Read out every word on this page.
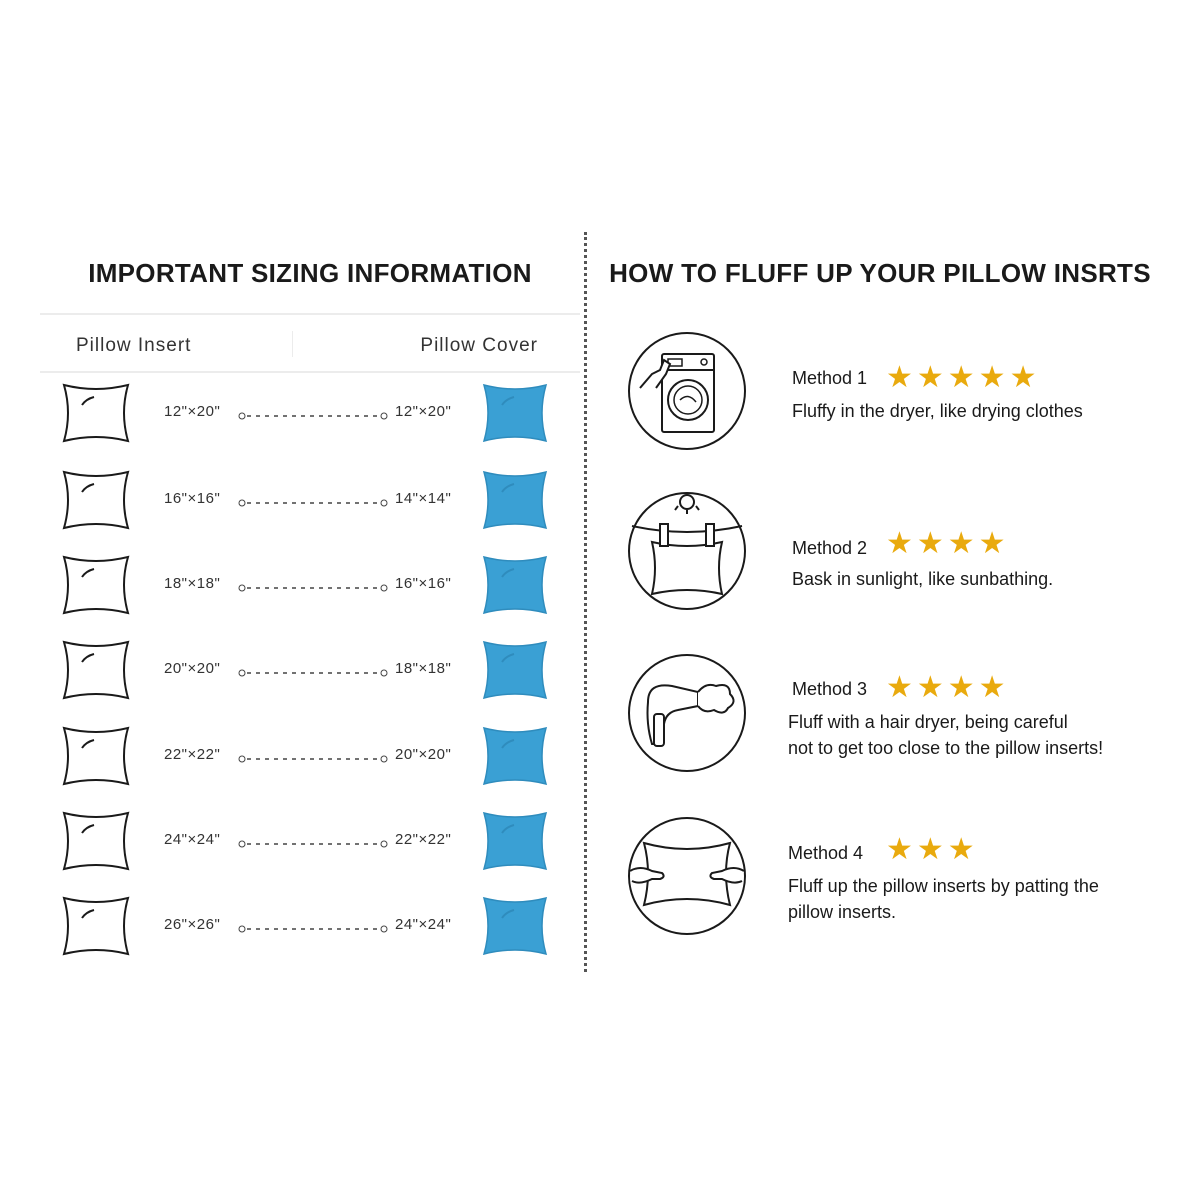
IMPORTANT SIZING INFORMATION
Pillow Insert	Pillow Cover
12"×20"	12"×20"
16"×16"	14"×14"
18"×18"	16"×16"
20"×20"	18"×18"
22"×22"	20"×20"
24"×24"	22"×22"
26"×26"	24"×24"
HOW TO FLUFF UP YOUR PILLOW INSRTS
Method 1 ★★★★★
Fluffy in the dryer, like drying clothes
Method 2 ★★★★
Bask in sunlight, like sunbathing.
Method 3 ★★★★
Fluff with a hair dryer, being careful
not to get too close to the pillow inserts!
Method 4 ★★★
Fluff up the pillow inserts by patting the
pillow inserts.
